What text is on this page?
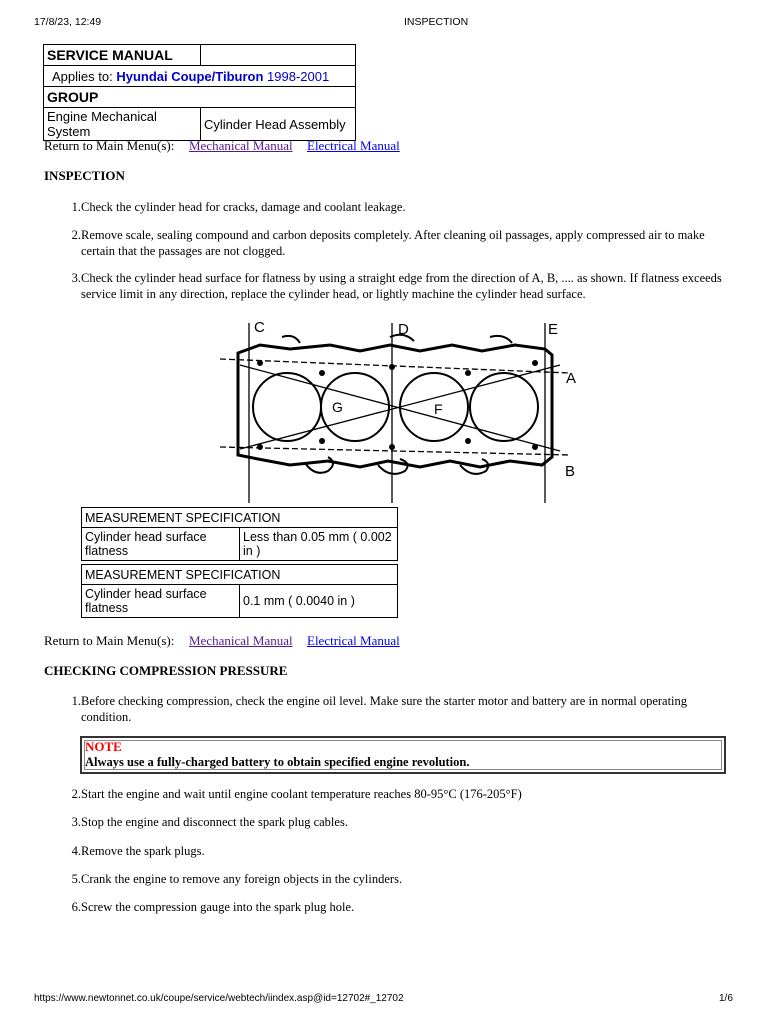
17/8/23, 12:49	INSPECTION
SERVICE MANUAL	
Applies to: Hyundai Coupe/Tiburon 1998-2001	
GROUP	
Engine Mechanical System	Cylinder Head Assembly
Return to Main Menu(s): Mechanical Manual Electrical Manual
INSPECTION
1. Check the cylinder head for cracks, damage and coolant leakage.
2. Remove scale, sealing compound and carbon deposits completely. After cleaning oil passages, apply compressed air to make certain that the passages are not clogged.
3. Check the cylinder head surface for flatness by using a straight edge from the direction of A, B, .... as shown. If flatness exceeds service limit in any direction, replace the cylinder head, or lightly machine the cylinder head surface.
C	D	E
A
B
G	F
MEASUREMENT SPECIFICATION
Cylinder head surface flatness	Less than 0.05 mm ( 0.002 in )
MEASUREMENT SPECIFICATION
Cylinder head surface flatness	0.1 mm ( 0.0040 in )
Return to Main Menu(s): Mechanical Manual Electrical Manual
CHECKING COMPRESSION PRESSURE
1. Before checking compression, check the engine oil level. Make sure the starter motor and battery are in normal operating condition.
NOTE
Always use a fully-charged battery to obtain specified engine revolution.
2. Start the engine and wait until engine coolant temperature reaches 80-95°C (176-205°F)
3. Stop the engine and disconnect the spark plug cables.
4. Remove the spark plugs.
5. Crank the engine to remove any foreign objects in the cylinders.
6. Screw the compression gauge into the spark plug hole.
https://www.newtonnet.co.uk/coupe/service/webtech/iindex.asp@id=12702#_12702	1/6
